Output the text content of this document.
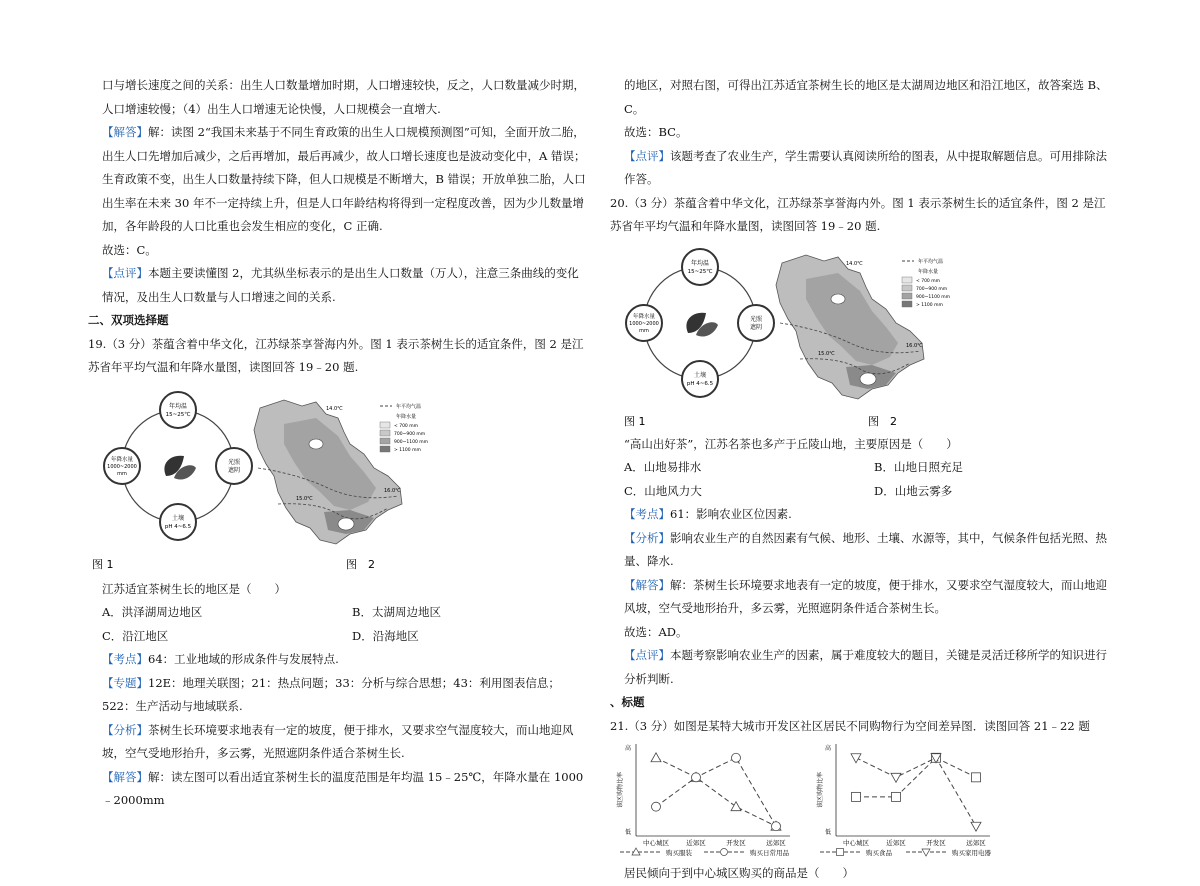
口与增长速度之间的关系：出生人口数量增加时期，人口增速较快，反之，人口数量减少时期，人口增速较慢；（4）出生人口增速无论快慢，人口规模会一直增大.

【解答】解：读图 2“我国未来基于不同生育政策的出生人口规模预测图”可知，全面开放二胎，出生人口先增加后减少，之后再增加，最后再减少，故人口增长速度也是波动变化中，A 错误；生育政策不变，出生人口数量持续下降，但人口规模是不断增大，B 错误；开放单独二胎，人口出生率在未来 30 年不一定持续上升，但是人口年龄结构将得到一定程度改善，因为少儿数量增加，各年龄段的人口比重也会发生相应的变化，C 正确.

故选：C。

【点评】本题主要读懂图 2，尤其纵坐标表示的是出生人口数量（万人），注意三条曲线的变化情况，及出生人口数量与人口增速之间的关系.

二、双项选择题

19.（3 分）茶蕴含着中华文化，江苏绿茶享誉海内外。图 1 表示茶树生长的适宜条件，图 2 是江苏省年平均气温和年降水量图，读图回答 19﹣20 题.

年均温
15~25℃
年降水量
1000~2000
mm
光照
遮阴
土壤
pH 4~6.5
图 1
14.0℃
16.0℃
15.0℃
年平均气温
年降水量
< 700 mm
700~900 mm
900~1100 mm
> 1100 mm
图　2

江苏适宜茶树生长的地区是（　　）

A．洪泽湖周边地区	B．太湖周边地区
C．沿江地区	D．沿海地区

【考点】64：工业地域的形成条件与发展特点.

【专题】12E：地理关联图；21：热点问题；33：分析与综合思想；43：利用图表信息；522：生产活动与地域联系.

【分析】茶树生长环境要求地表有一定的坡度，便于排水，又要求空气湿度较大，而山地迎风坡，空气受地形抬升，多云雾，光照遮阴条件适合茶树生长.

【解答】解：读左图可以看出适宜茶树生长的温度范围是年均温 15﹣25℃，年降水量在 1000﹣2000mm

的地区，对照右图，可得出江苏适宜茶树生长的地区是太湖周边地区和沿江地区，故答案选 B、C。

故选：BC。

【点评】该题考查了农业生产，学生需要认真阅读所给的图表，从中提取解题信息。可用排除法作答。

20.（3 分）茶蕴含着中华文化，江苏绿茶享誉海内外。图 1 表示茶树生长的适宜条件，图 2 是江苏省年平均气温和年降水量图，读图回答 19﹣20 题.

年均温
15~25℃
年降水量
1000~2000
mm
光照
遮阴
土壤
pH 4~6.5
图 1
14.0℃
16.0℃
15.0℃
年平均气温
年降水量
< 700 mm
700~900 mm
900~1100 mm
> 1100 mm
图　2

“高山出好茶”，江苏名茶也多产于丘陵山地，主要原因是（　　）

A．山地易排水	B．山地日照充足
C．山地风力大	D．山地云雾多

【考点】61：影响农业区位因素.

【分析】影响农业生产的自然因素有气候、地形、土壤、水源等，其中，气候条件包括光照、热量、降水.

【解答】解：茶树生长环境要求地表有一定的坡度，便于排水，又要求空气湿度较大，而山地迎风坡，空气受地形抬升，多云雾，光照遮阴条件适合茶树生长。

故选：AD。

【点评】本题考察影响农业生产的因素，属于难度较大的题目，关键是灵活迁移所学的知识进行分析判断.

、标题

21.（3 分）如图是某特大城市开发区社区居民不同购物行为空间差异图．读图回答 21﹣22 题

高
低
该区购物比率
中心城区	近郊区	开发区	远郊区
购买服装	购买日常用品
高
低
该区购物比率
中心城区	近郊区	开发区	远郊区
购买食品	购买家用电器

居民倾向于到中心城区购买的商品是（　　）
